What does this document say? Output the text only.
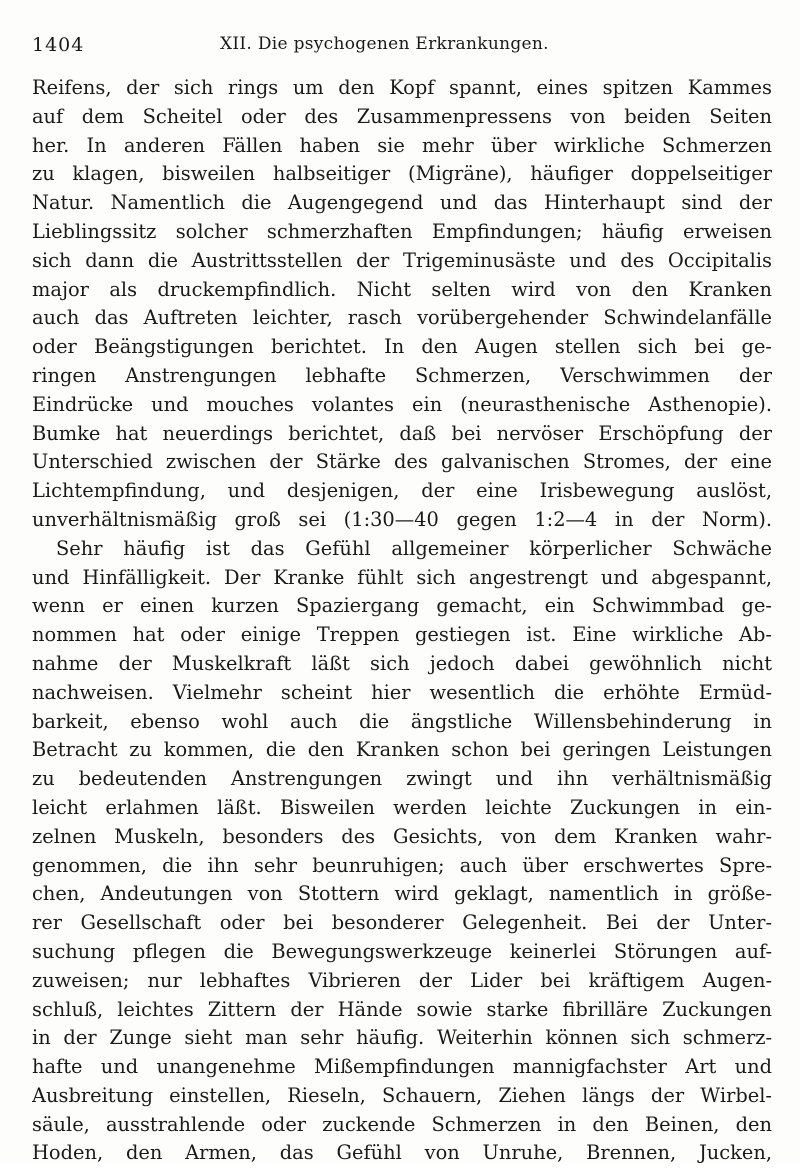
1404	XII. Die psychogenen Erkrankungen.
Reifens, der sich rings um den Kopf spannt, eines spitzen Kammes
auf dem Scheitel oder des Zusammenpressens von beiden Seiten
her. In anderen Fällen haben sie mehr über wirkliche Schmerzen
zu klagen, bisweilen halbseitiger (Migräne), häufiger doppelseitiger
Natur. Namentlich die Augengegend und das Hinterhaupt sind der
Lieblingssitz solcher schmerzhaften Empfindungen; häufig erweisen
sich dann die Austrittsstellen der Trigeminusäste und des Occipitalis
major als druckempfindlich. Nicht selten wird von den Kranken
auch das Auftreten leichter, rasch vorübergehender Schwindelanfälle
oder Beängstigungen berichtet. In den Augen stellen sich bei ge-
ringen Anstrengungen lebhafte Schmerzen, Verschwimmen der
Eindrücke und mouches volantes ein (neurasthenische Asthenopie).
Bumke hat neuerdings berichtet, daß bei nervöser Erschöpfung der
Unterschied zwischen der Stärke des galvanischen Stromes, der eine
Lichtempfindung, und desjenigen, der eine Irisbewegung auslöst,
unverhältnismäßig groß sei (1:30—40 gegen 1:2—4 in der Norm).
Sehr häufig ist das Gefühl allgemeiner körperlicher Schwäche
und Hinfälligkeit. Der Kranke fühlt sich angestrengt und abgespannt,
wenn er einen kurzen Spaziergang gemacht, ein Schwimmbad ge-
nommen hat oder einige Treppen gestiegen ist. Eine wirkliche Ab-
nahme der Muskelkraft läßt sich jedoch dabei gewöhnlich nicht
nachweisen. Vielmehr scheint hier wesentlich die erhöhte Ermüd-
barkeit, ebenso wohl auch die ängstliche Willensbehinderung in
Betracht zu kommen, die den Kranken schon bei geringen Leistungen
zu bedeutenden Anstrengungen zwingt und ihn verhältnismäßig
leicht erlahmen läßt. Bisweilen werden leichte Zuckungen in ein-
zelnen Muskeln, besonders des Gesichts, von dem Kranken wahr-
genommen, die ihn sehr beunruhigen; auch über erschwertes Spre-
chen, Andeutungen von Stottern wird geklagt, namentlich in größe-
rer Gesellschaft oder bei besonderer Gelegenheit. Bei der Unter-
suchung pflegen die Bewegungswerkzeuge keinerlei Störungen auf-
zuweisen; nur lebhaftes Vibrieren der Lider bei kräftigem Augen-
schluß, leichtes Zittern der Hände sowie starke fibrilläre Zuckungen
in der Zunge sieht man sehr häufig. Weiterhin können sich schmerz-
hafte und unangenehme Mißempfindungen mannigfachster Art und
Ausbreitung einstellen, Rieseln, Schauern, Ziehen längs der Wirbel-
säule, ausstrahlende oder zuckende Schmerzen in den Beinen, den
Hoden, den Armen, das Gefühl von Unruhe, Brennen, Jucken,
